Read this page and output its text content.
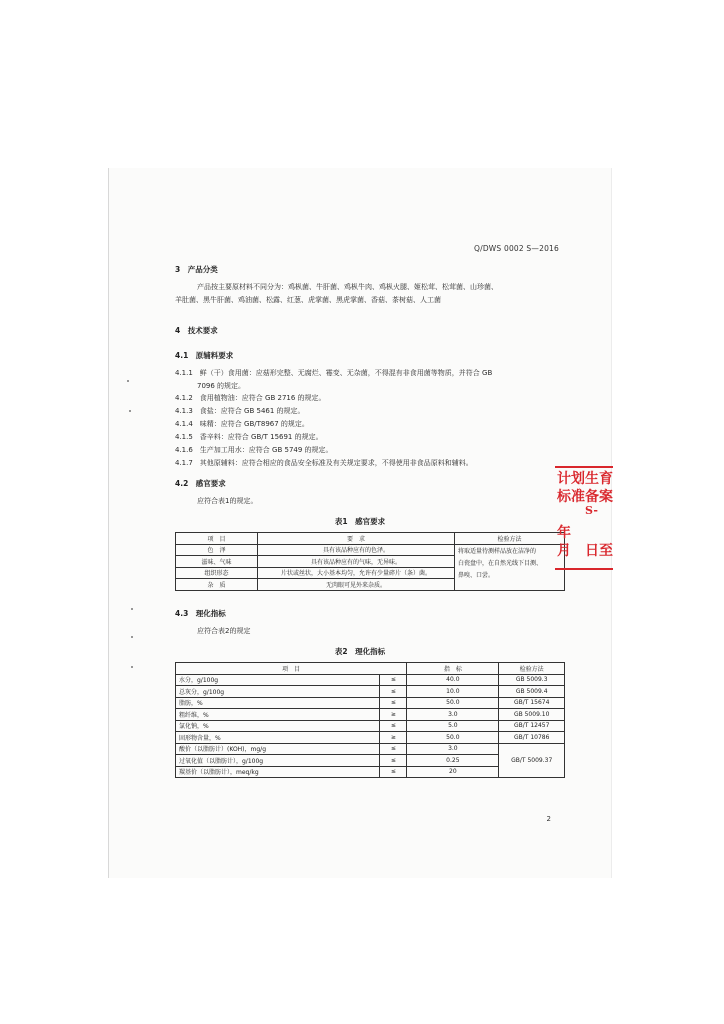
Q/DWS 0002 S—2016
3　产品分类
产品按主要原材料不同分为：鸡枞菌、牛肝菌、鸡枞牛肉、鸡枞火腿、姬松茸、松茸菌、山珍菌、
羊肚菌、黑牛肝菌、鸡油菌、松露、红葱、虎掌菌、黑虎掌菌、香菇、茶树菇、人工菌
4　技术要求
4.1　原辅料要求
4.1.1　鲜（干）食用菌：应菇形完整、无腐烂、霉变、无杂菌，不得混有非食用菌等物质，并符合 GB
7096 的规定。
4.1.2　食用植物油：应符合 GB 2716 的规定。
4.1.3　食盐：应符合 GB 5461 的规定。
4.1.4　味精：应符合 GB/T8967 的规定。
4.1.5　香辛料：应符合 GB/T 15691 的规定。
4.1.6　生产加工用水：应符合 GB 5749 的规定。
4.1.7　其他原辅料：应符合相应的食品安全标准及有关规定要求，不得使用非食品原料和辅料。
4.2　感官要求
应符合表1的规定。
表1　感官要求
项　目	要　求	检验方法
色　泽	具有该品种应有的色泽。	将取适量待测样品放在洁净的
白瓷盘中，在自然光线下目测、
鼻嗅、口尝。

滋味、气味	具有该品种应有的气味，无异味。	
组织形态	片状或丝状，大小基本均匀，允许有少量碎片（条）菌。	
杂　质	无肉眼可见外来杂质。	
4.3　理化指标
应符合表2的规定
表2　理化指标
项　目		指　标	检验方法
水分，g/100g	≤	40.0	GB 5009.3
总灰分，g/100g	≤	10.0	GB 5009.4
脂肪，%	≤	50.0	GB/T 15674
粗纤维，%	≥	3.0	GB 5009.10
氯化钠，%	≤	5.0	GB/T 12457
固形物含量，%	≥	50.0	GB/T 10786
酸价（以脂肪计）(KOH)，mg/g	≤	3.0	GB/T 5009.37
过氧化值（以脂肪计），g/100g	≤	0.25	
羰基价（以脂肪计），meq/kg	≤	20	
2
计划生育
标准备案
S-
年
月　日至
